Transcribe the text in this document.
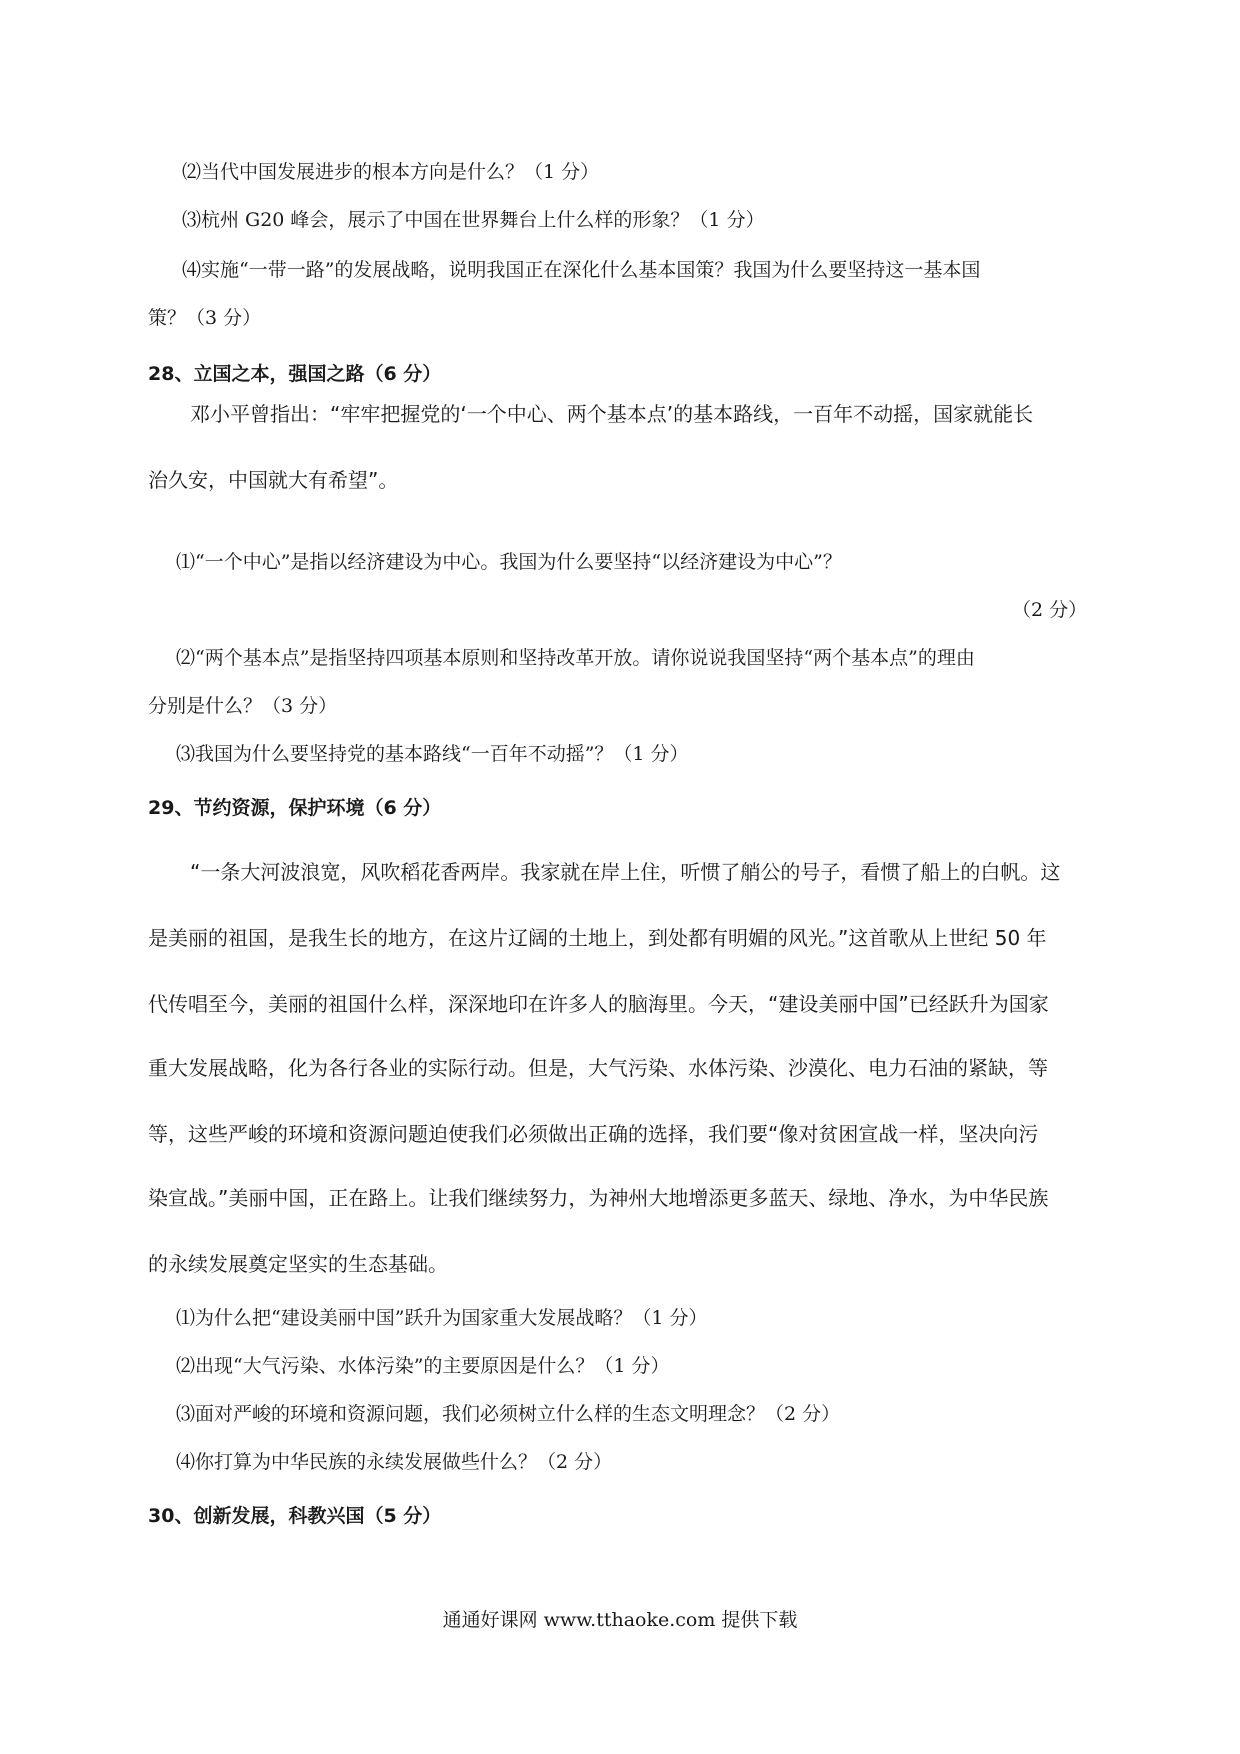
⑵当代中国发展进步的根本方向是什么？（1 分）
⑶杭州 G20 峰会，展示了中国在世界舞台上什么样的形象？（1 分）
⑷实施“一带一路”的发展战略，说明我国正在深化什么基本国策？我国为什么要坚持这一基本国
策？（3 分）
28、立国之本，强国之路（6 分）
邓小平曾指出：“牢牢把握党的‘一个中心、两个基本点’的基本路线，一百年不动摇，国家就能长
治久安，中国就大有希望”。
⑴“一个中心”是指以经济建设为中心。我国为什么要坚持“以经济建设为中心”？
（2 分）
⑵“两个基本点”是指坚持四项基本原则和坚持改革开放。请你说说我国坚持“两个基本点”的理由
分别是什么？（3 分）
⑶我国为什么要坚持党的基本路线“一百年不动摇”？（1 分）
29、节约资源，保护环境（6 分）
“一条大河波浪宽，风吹稻花香两岸。我家就在岸上住，听惯了艄公的号子，看惯了船上的白帆。这
是美丽的祖国，是我生长的地方，在这片辽阔的土地上，到处都有明媚的风光。”这首歌从上世纪 50 年
代传唱至今，美丽的祖国什么样，深深地印在许多人的脑海里。今天，“建设美丽中国”已经跃升为国家
重大发展战略，化为各行各业的实际行动。但是，大气污染、水体污染、沙漠化、电力石油的紧缺，等
等，这些严峻的环境和资源问题迫使我们必须做出正确的选择，我们要“像对贫困宣战一样，坚决向污
染宣战。”美丽中国，正在路上。让我们继续努力，为神州大地增添更多蓝天、绿地、净水，为中华民族
的永续发展奠定坚实的生态基础。
⑴为什么把“建设美丽中国”跃升为国家重大发展战略？（1 分）
⑵出现“大气污染、水体污染”的主要原因是什么？（1 分）
⑶面对严峻的环境和资源问题，我们必须树立什么样的生态文明理念？（2 分）
⑷你打算为中华民族的永续发展做些什么？（2 分）
30、创新发展，科教兴国（5 分）
通通好课网 www.tthaoke.com 提供下载
